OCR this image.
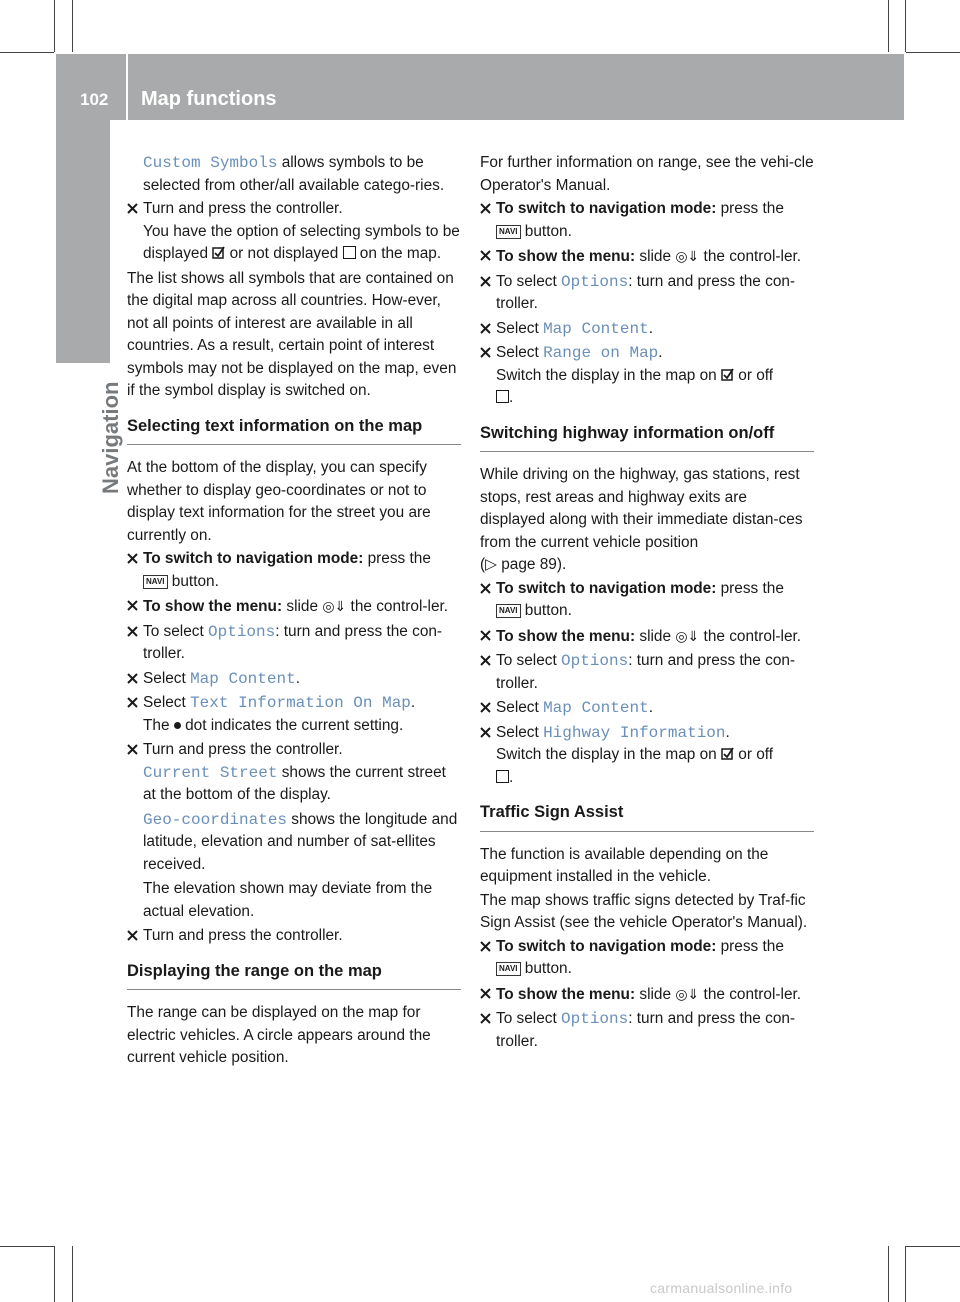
102 Map functions
Navigation

Custom Symbols allows symbols to be selected from other/all available catego-ries.

Turn and press the controller.
You have the option of selecting symbols to be displayed  or not displayed  on the map.

The list shows all symbols that are contained on the digital map across all countries. How-ever, not all points of interest are available in all countries. As a result, certain point of interest symbols may not be displayed on the map, even if the symbol display is switched on.

Selecting text information on the map

At the bottom of the display, you can specify whether to display geo-coordinates or not to display text information for the street you are currently on.

To switch to navigation mode: press the
NAVI button.
To show the menu: slide ◎⇓ the control-ler.
To select Options: turn and press the con-troller.
Select Map Content.
Select Text Information On Map.
The  dot indicates the current setting.
Turn and press the controller.
Current Street shows the current street at the bottom of the display.
Geo-coordinates shows the longitude and latitude, elevation and number of sat-ellites received.
The elevation shown may deviate from the actual elevation.
Turn and press the controller.
Displaying the range on the map

The range can be displayed on the map for electric vehicles. A circle appears around the current vehicle position.

For further information on range, see the vehi-cle Operator's Manual.

To switch to navigation mode: press the
NAVI button.
To show the menu: slide ◎⇓ the control-ler.
To select Options: turn and press the con-troller.
Select Map Content.
Select Range on Map.
Switch the display in the map on  or off
.
Switching highway information on/off

While driving on the highway, gas stations, rest stops, rest areas and highway exits are displayed along with their immediate distan-ces from the current vehicle position
(▷ page 89).

To switch to navigation mode: press the
NAVI button.
To show the menu: slide ◎⇓ the control-ler.
To select Options: turn and press the con-troller.
Select Map Content.
Select Highway Information.
Switch the display in the map on  or off
.
Traffic Sign Assist

The function is available depending on the equipment installed in the vehicle.

The map shows traffic signs detected by Traf-fic Sign Assist (see the vehicle Operator's Manual).

To switch to navigation mode: press the
NAVI button.
To show the menu: slide ◎⇓ the control-ler.
To select Options: turn and press the con-troller.
carmanualsonline.info
